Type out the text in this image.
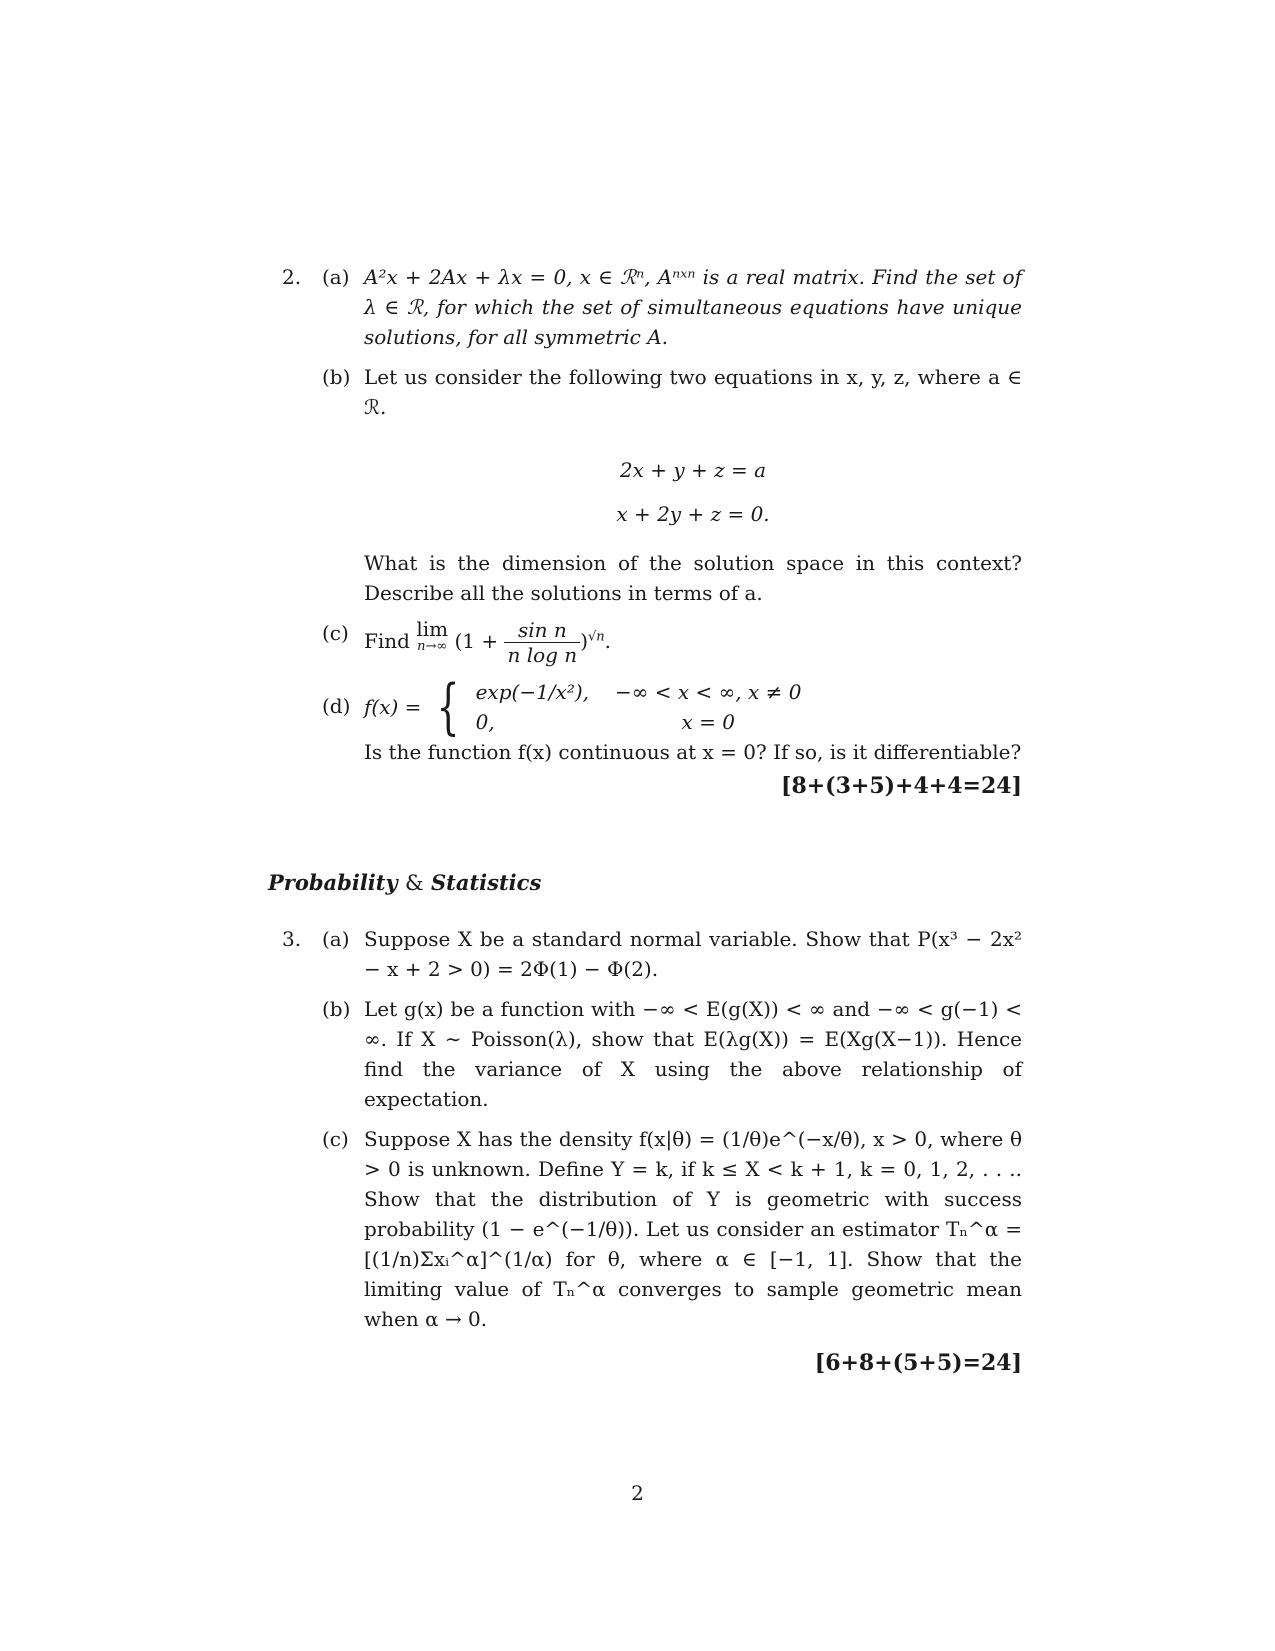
2. (a) A²x + 2Ax + λx = 0, x ∈ ℛⁿ, Aⁿˣⁿ is a real matrix. Find the set of λ ∈ ℛ, for which the set of simultaneous equations have unique solutions, for all symmetric A.
(b) Let us consider the following two equations in x, y, z, where a ∈ ℛ.
2x + y + z = a
x + 2y + z = 0.
What is the dimension of the solution space in this context? Describe all the solutions in terms of a.
(c) Find lim
n→∞ $(1 + \frac{\text{sin n}}{\text{n log n}} )^{√n}$.
(d) f(x) = { exp(−1/x²), −∞ < x < ∞, x ≠ 0
0,	x = 0
Is the function f(x) continuous at x = 0? If so, is it differentiable?
[8+(3+5)+4+4=24]
Probability & Statistics
3. (a) Suppose X be a standard normal variable. Show that P(x³ − 2x² − x + 2 > 0) = 2Φ(1) − Φ(2).
(b) Let g(x) be a function with −∞ < E(g(X)) < ∞ and −∞ < g(−1) < ∞. If X ∼ Poisson(λ), show that E(λg(X)) = E(Xg(X−1)). Hence find the variance of X using the above relationship of expectation.
(c) Suppose X has the density f(x|θ) = (1/θ)e^(−x/θ), x > 0, where θ > 0 is unknown. Define Y = k, if k ≤ X < k + 1, k = 0, 1, 2, . . .. Show that the distribution of Y is geometric with success probability (1 − e^(−1/θ)). Let us consider an estimator Tₙ^α = [(1/n)Σxᵢ^α]^(1/α) for θ, where α ∈ [−1, 1]. Show that the limiting value of Tₙ^α converges to sample geometric mean when α → 0.
[6+8+(5+5)=24]
2
